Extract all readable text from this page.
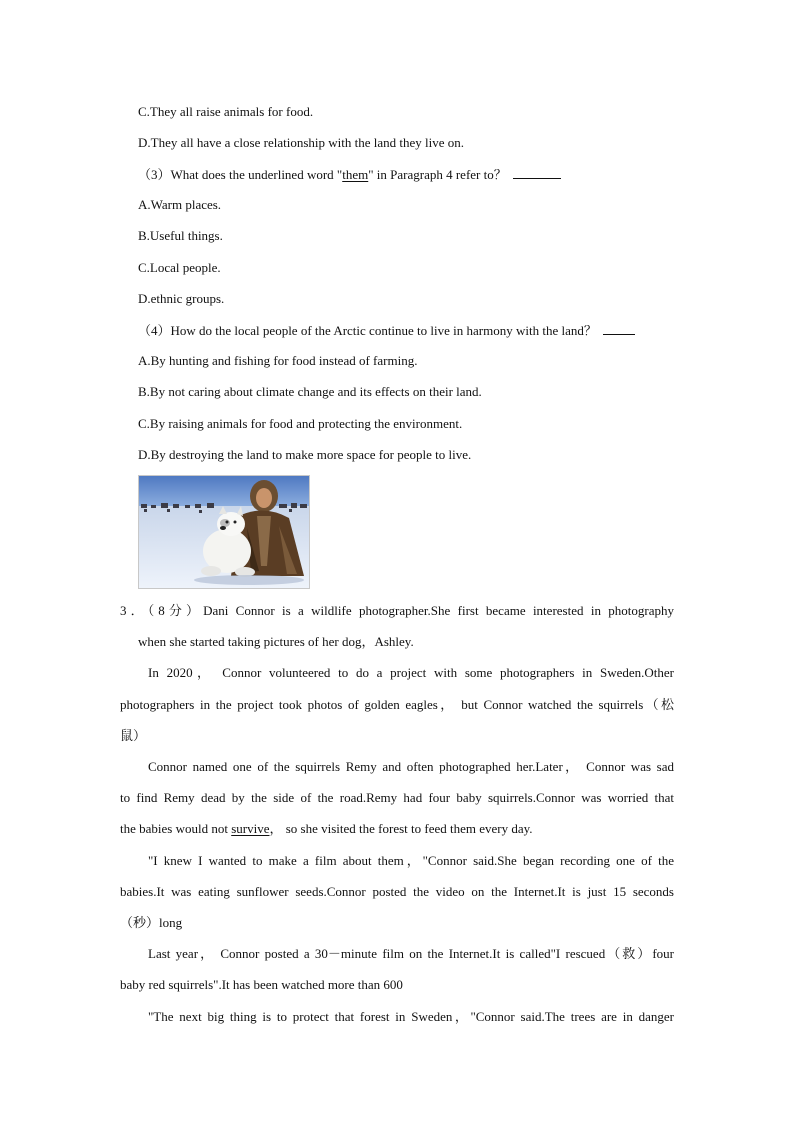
C.They all raise animals for food.
D.They all have a close relationship with the land they live on.
（3）What does the underlined word "them" in Paragraph 4 refer to？
A.Warm places.
B.Useful things.
C.Local people.
D.ethnic groups.
（4）How do the local people of the Arctic continue to live in harmony with the land？
A.By hunting and fishing for food instead of farming.
B.By not caring about climate change and its effects on their land.
C.By raising animals for food and protecting the environment.
D.By destroying the land to make more space for people to live.
3．（8分）Dani Connor is a wildlife photographer.She first became interested in photography
when she started taking pictures of her dog，Ashley.
In 2020， Connor volunteered to do a project with some photographers in Sweden.Other
photographers in the project took photos of golden eagles， but Connor watched the squirrels（松
鼠）
Connor named one of the squirrels Remy and often photographed her.Later， Connor was sad
to find Remy dead by the side of the road.Remy had four baby squirrels.Connor was worried that
the babies would not survive， so she visited the forest to feed them every day.
"I knew I wanted to make a film about them，"Connor said.She began recording one of the
babies.It was eating sunflower seeds.Connor posted the video on the Internet.It is just 15 seconds
（秒）long
Last year， Connor posted a 30－minute film on the Internet.It is called"I rescued（救）four
baby red squirrels".It has been watched more than 600
"The next big thing is to protect that forest in Sweden，"Connor said.The trees are in danger
